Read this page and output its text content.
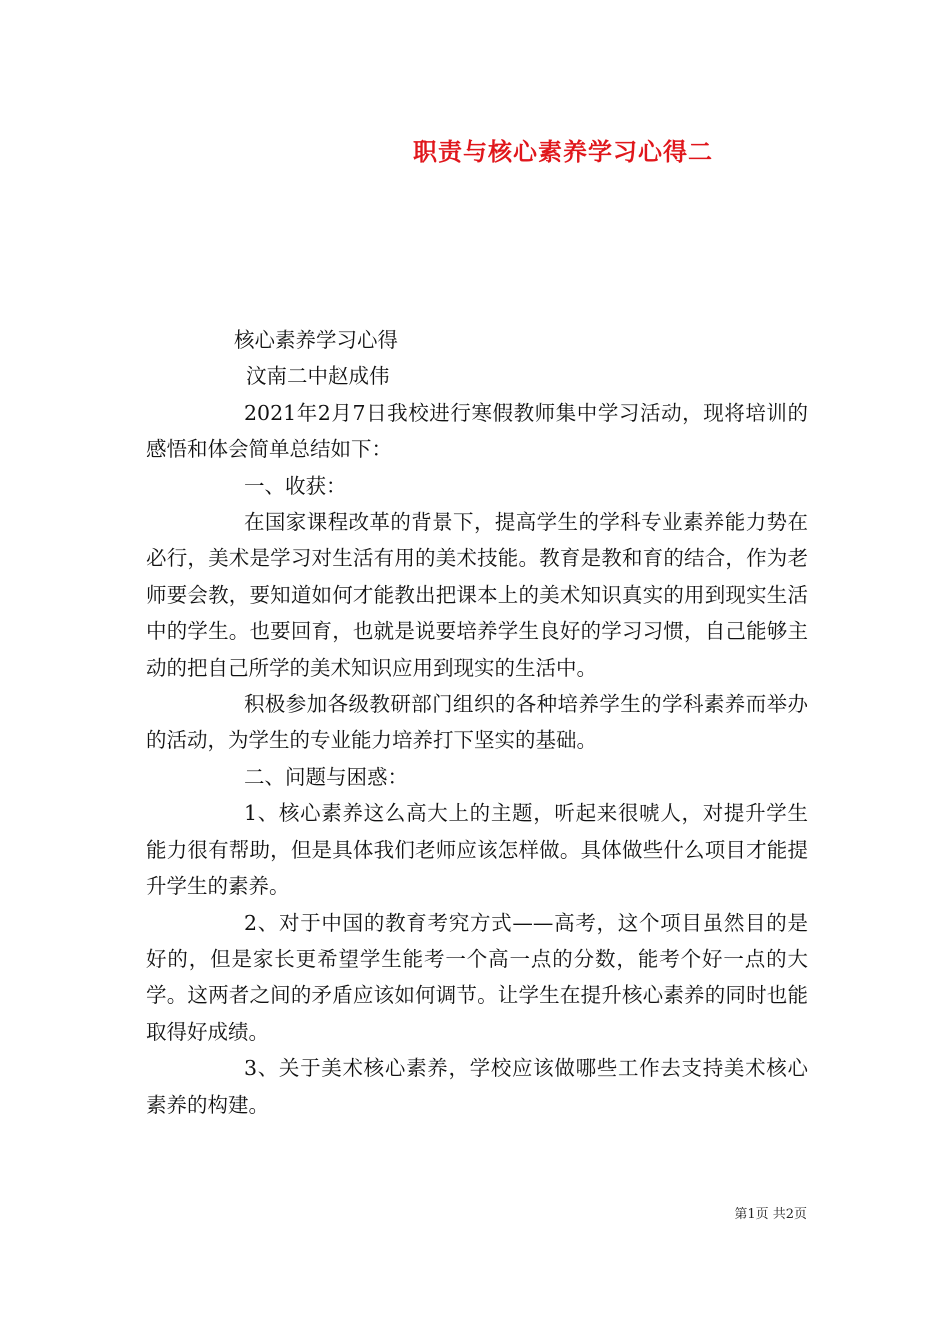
职责与核心素养学习心得二

核心素养学习心得

汶南二中赵成伟

2021年2月7日我校进行寒假教师集中学习活动，现将培训的感悟和体会简单总结如下：

一、收获：

在国家课程改革的背景下，提高学生的学科专业素养能力势在必行，美术是学习对生活有用的美术技能。教育是教和育的结合，作为老师要会教，要知道如何才能教出把课本上的美术知识真实的用到现实生活中的学生。也要回育，也就是说要培养学生良好的学习习惯，自己能够主动的把自己所学的美术知识应用到现实的生活中。

积极参加各级教研部门组织的各种培养学生的学科素养而举办的活动，为学生的专业能力培养打下坚实的基础。

二、问题与困惑：

1、核心素养这么高大上的主题，听起来很唬人，对提升学生能力很有帮助，但是具体我们老师应该怎样做。具体做些什么项目才能提升学生的素养。

2、对于中国的教育考究方式——高考，这个项目虽然目的是好的，但是家长更希望学生能考一个高一点的分数，能考个好一点的大学。这两者之间的矛盾应该如何调节。让学生在提升核心素养的同时也能取得好成绩。

3、关于美术核心素养，学校应该做哪些工作去支持美术核心素养的构建。

第1页 共2页
